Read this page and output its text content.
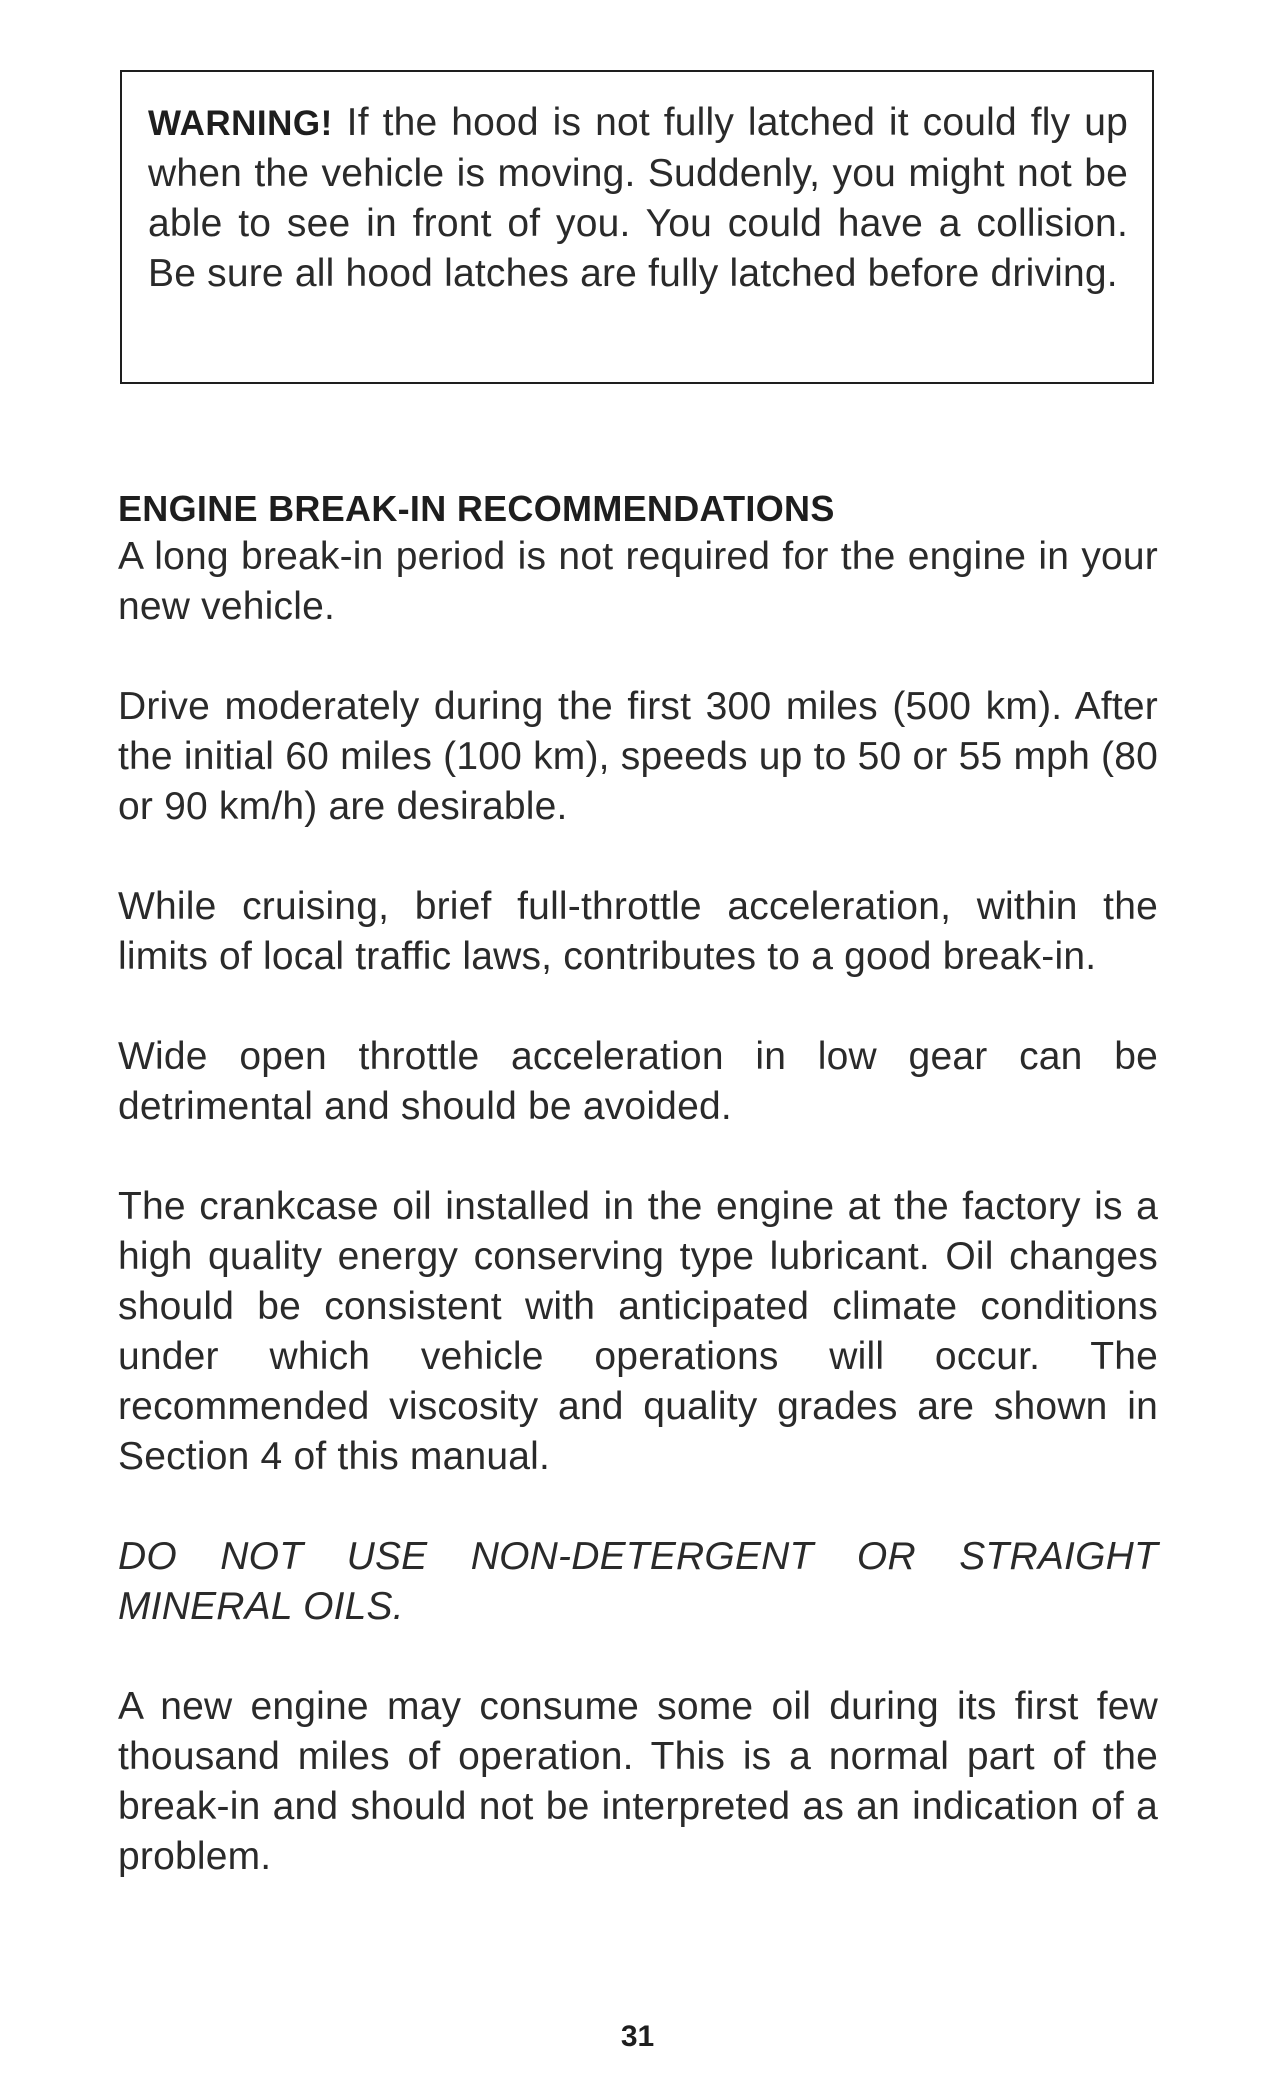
WARNING! If the hood is not fully latched it could fly up when the vehicle is moving. Suddenly, you might not be able to see in front of you. You could have a collision. Be sure all hood latches are fully latched before driving.

ENGINE BREAK-IN RECOMMENDATIONS

A long break-in period is not required for the engine in your new vehicle.

Drive moderately during the first 300 miles (500 km). After the initial 60 miles (100 km), speeds up to 50 or 55 mph (80 or 90 km/h) are desirable.

While cruising, brief full-throttle acceleration, within the limits of local traffic laws, contributes to a good break-in.

Wide open throttle acceleration in low gear can be detrimental and should be avoided.

The crankcase oil installed in the engine at the factory is a high quality energy conserving type lubricant. Oil changes should be consistent with anticipated climate conditions under which vehicle operations will occur. The recommended viscosity and quality grades are shown in Section 4 of this manual.

DO NOT USE NON-DETERGENT OR STRAIGHT MINERAL OILS.

A new engine may consume some oil during its first few thousand miles of operation. This is a normal part of the break-in and should not be interpreted as an indication of a problem.

31
